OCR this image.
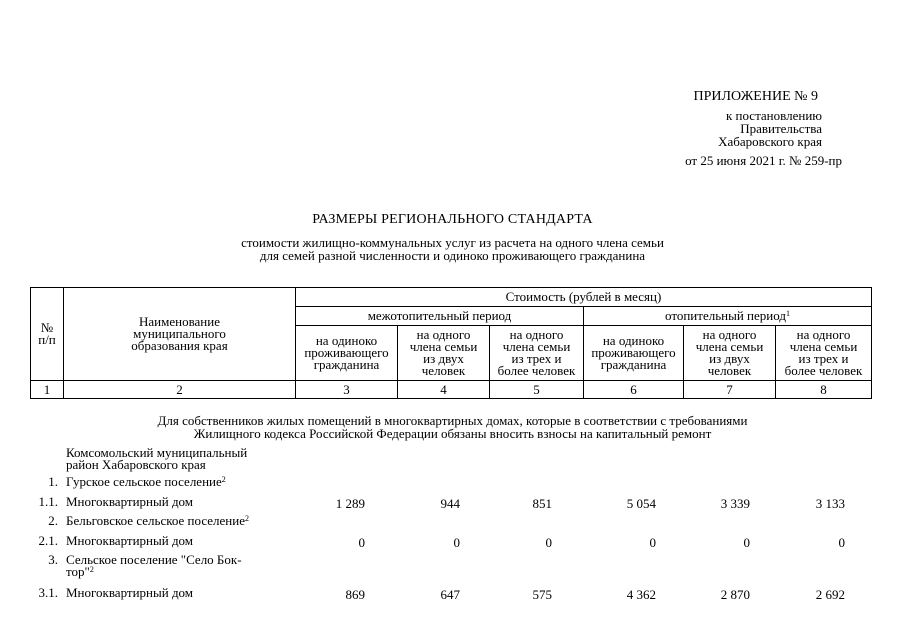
ПРИЛОЖЕНИЕ № 9
к постановлению
Правительства
Хабаровского края
от 25 июня 2021 г. № 259-пр
РАЗМЕРЫ РЕГИОНАЛЬНОГО СТАНДАРТА
стоимости жилищно-коммунальных услуг из расчета на одного члена семьи
для семей разной численности и одиноко проживающего гражданина
№
п/п	Наименование
муниципального
образования края	Стоимость (рублей в месяц)					
		межотопительный период			отопительный период$^1$
		на одиноко
проживающего
гражданина	на одного
члена семьи
из двух
человек	на одного
члена семьи
из трех и
более человек	на одиноко
проживающего
гражданина	на одного
члена семьи
из двух
человек	на одного
члена семьи
из трех и
более человек
1	2	3	4	5	6	7	8
Для собственников жилых помещений в многоквартирных домах, которые в соответствии с требованиями
Жилищного кодекса Российской Федерации обязаны вносить взносы на капитальный ремонт
Комсомольский муниципальный
район Хабаровского края
1. Гурское сельское поселение$^2$
1.1. Многоквартирный дом	1 289	944	851	5 054	3 339	3 133
2. Бельговское сельское поселение$^2$
2.1. Многоквартирный дом	0	0	0	0	0	0
3. Сельское поселение "Село Бок-
тор"$^2$
3.1. Многоквартирный дом	869	647	575	4 362	2 870	2 692
